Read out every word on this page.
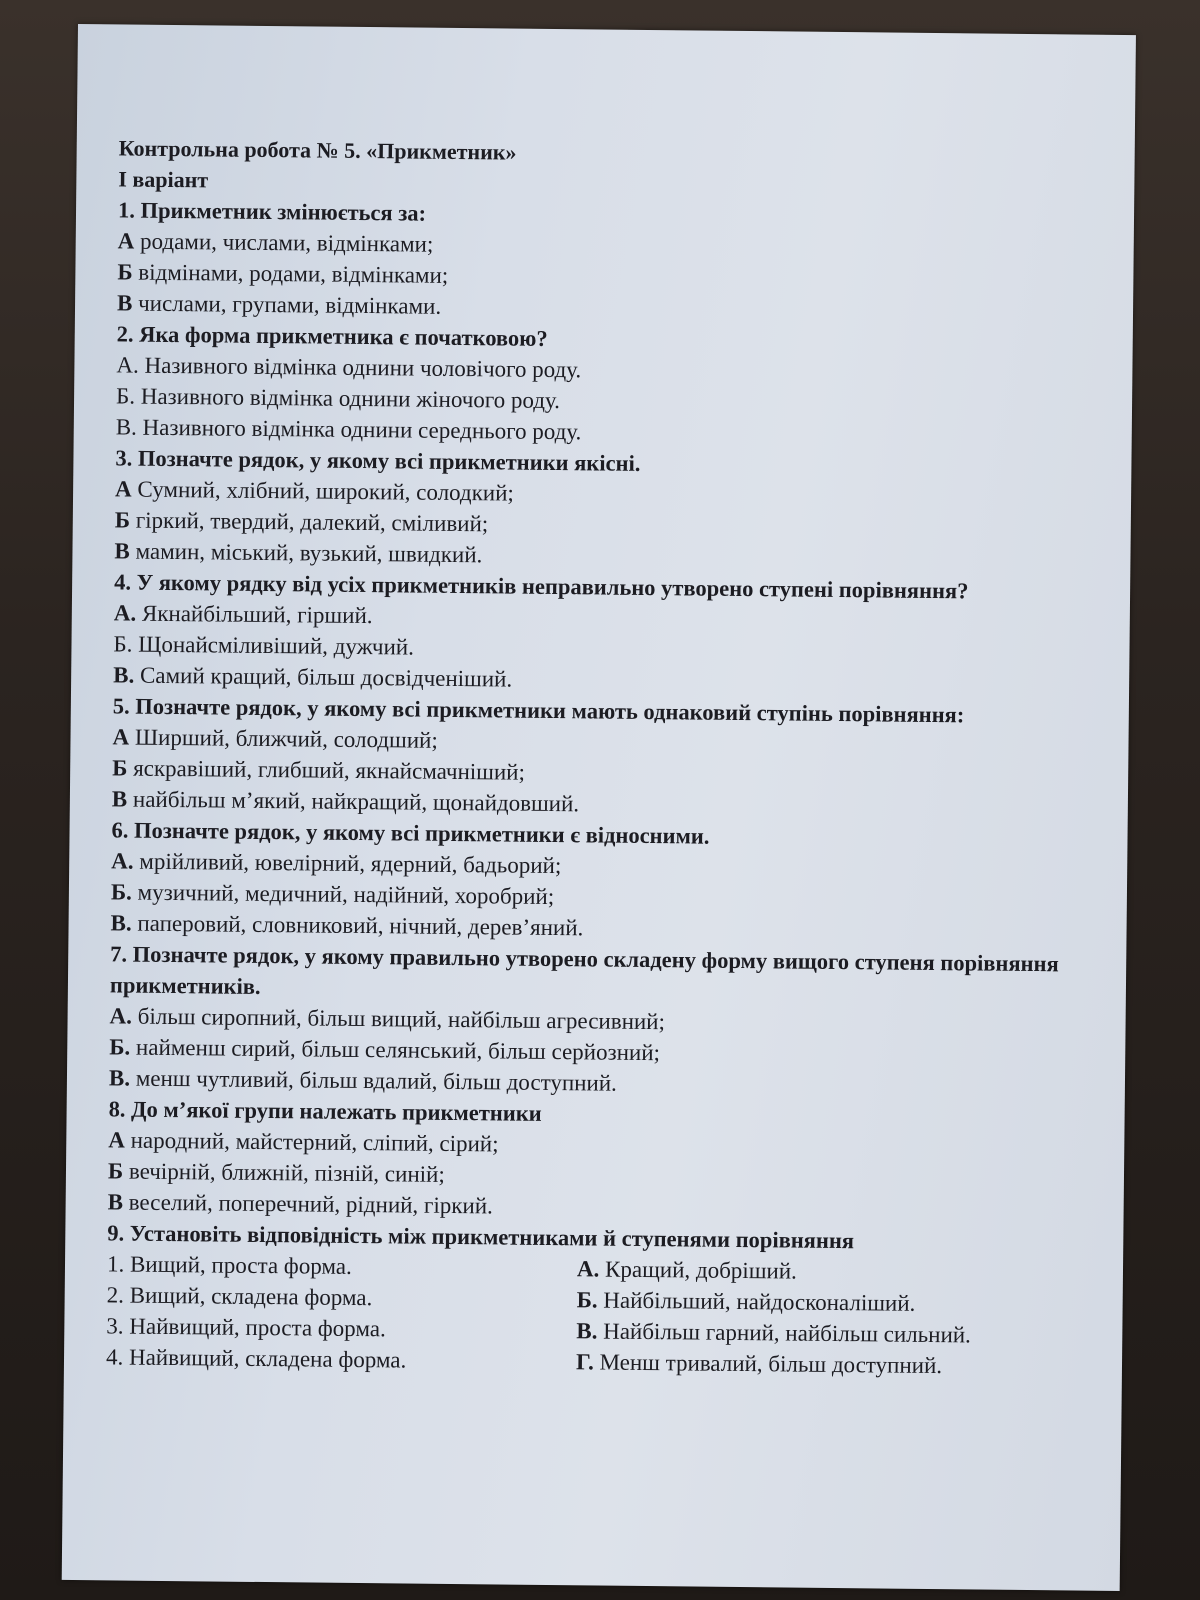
Контрольна робота № 5. «Прикметник»
І варіант
1. Прикметник змінюється за:
А родами, числами, відмінками;
Б відмінами, родами, відмінками;
В числами, групами, відмінками.
2. Яка форма прикметника є початковою?
А. Називного відмінка однини чоловічого роду.
Б. Називного відмінка однини жіночого роду.
В. Називного відмінка однини середнього роду.
3. Позначте рядок, у якому всі прикметники якісні.
А Сумний, хлібний, широкий, солодкий;
Б гіркий, твердий, далекий, сміливий;
В мамин, міський, вузький, швидкий.
4. У якому рядку від усіх прикметників неправильно утворено ступені порівняння?
А. Якнайбільший, гірший.
Б. Щонайсміливіший, дужчий.
В. Самий кращий, більш досвідченіший.
5. Позначте рядок, у якому всі прикметники мають однаковий ступінь порівняння:
А Ширший, ближчий, солодший;
Б яскравіший, глибший, якнайсмачніший;
В найбільш м’який, найкращий, щонайдовший.
6. Позначте рядок, у якому всі прикметники є відносними.
А. мрійливий, ювелірний, ядерний, бадьорий;
Б. музичний, медичний, надійний, хоробрий;
В. паперовий, словниковий, нічний, дерев’яний.
7. Позначте рядок, у якому правильно утворено складену форму вищого ступеня порівняння прикметників.
А. більш сиропний, більш вищий, найбільш агресивний;
Б. найменш сирий, більш селянський, більш серйозний;
В. менш чутливий, більш вдалий, більш доступний.
8. До м’якої групи належать прикметники
А народний, майстерний, сліпий, сірий;
Б вечірній, ближній, пізній, синій;
В веселий, поперечний, рідний, гіркий.
9. Установіть відповідність між прикметниками й ступенями порівняння
1. Вищий, проста форма.	А. Кращий, добріший.
2. Вищий, складена форма.	Б. Найбільший, найдосконаліший.
3. Найвищий, проста форма.	В. Найбільш гарний, найбільш сильний.
4. Найвищий, складена форма.	Г. Менш тривалий, більш доступний.
